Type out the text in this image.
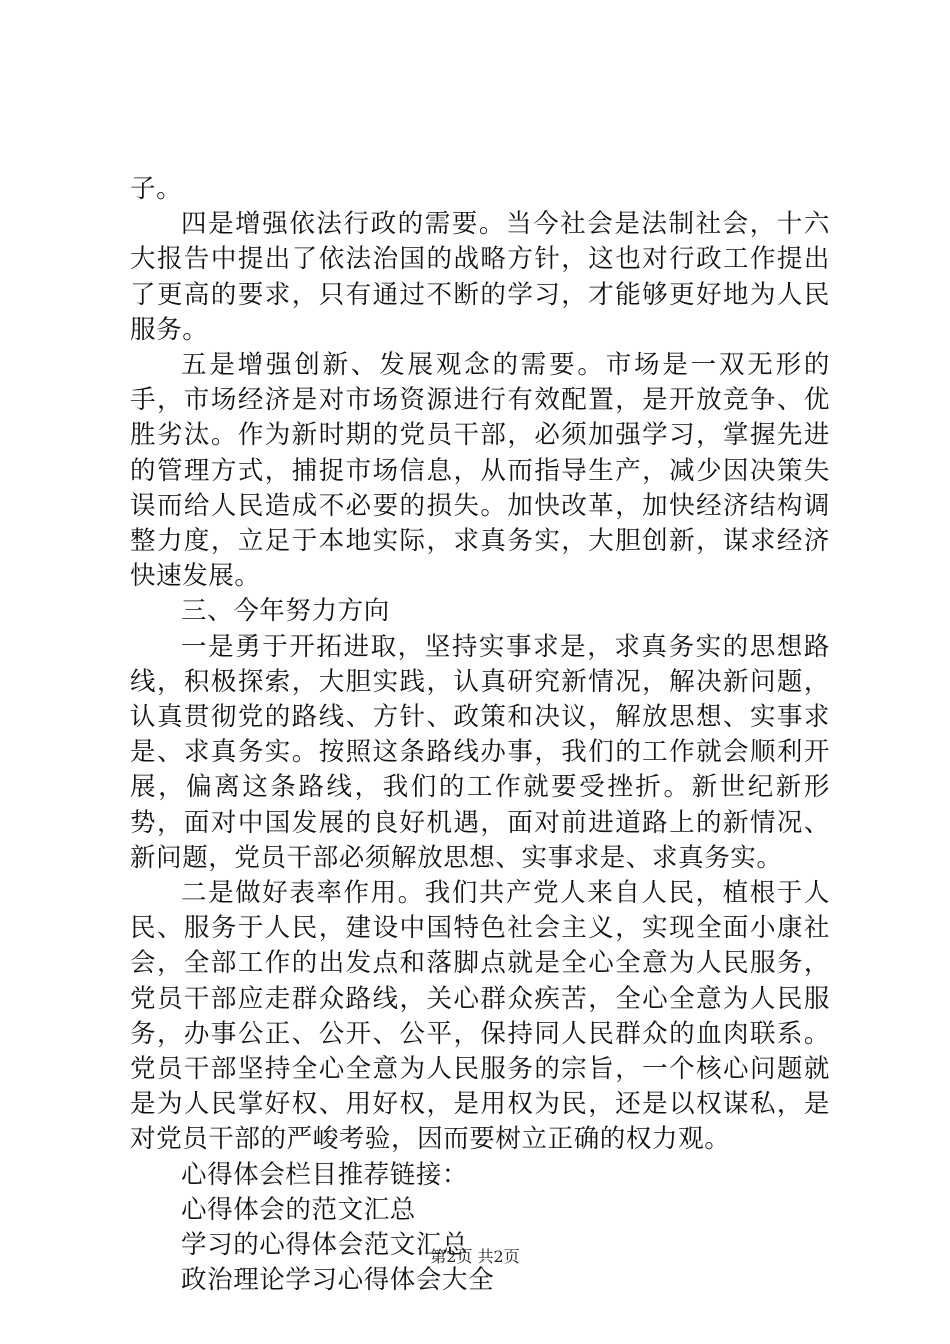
子。

四是增强依法行政的需要。当今社会是法制社会，十六大报告中提出了依法治国的战略方针，这也对行政工作提出了更高的要求，只有通过不断的学习，才能够更好地为人民服务。

五是增强创新、发展观念的需要。市场是一双无形的手，市场经济是对市场资源进行有效配置，是开放竞争、优胜劣汰。作为新时期的党员干部，必须加强学习，掌握先进的管理方式，捕捉市场信息，从而指导生产，减少因决策失误而给人民造成不必要的损失。加快改革，加快经济结构调整力度，立足于本地实际，求真务实，大胆创新，谋求经济快速发展。

三、今年努力方向

一是勇于开拓进取，坚持实事求是，求真务实的思想路线，积极探索，大胆实践，认真研究新情况，解决新问题，认真贯彻党的路线、方针、政策和决议，解放思想、实事求是、求真务实。按照这条路线办事，我们的工作就会顺利开展，偏离这条路线，我们的工作就要受挫折。新世纪新形势，面对中国发展的良好机遇，面对前进道路上的新情况、新问题，党员干部必须解放思想、实事求是、求真务实。

二是做好表率作用。我们共产党人来自人民，植根于人民、服务于人民，建设中国特色社会主义，实现全面小康社会，全部工作的出发点和落脚点就是全心全意为人民服务，党员干部应走群众路线，关心群众疾苦，全心全意为人民服务，办事公正、公开、公平，保持同人民群众的血肉联系。党员干部坚持全心全意为人民服务的宗旨，一个核心问题就是为人民掌好权、用好权，是用权为民，还是以权谋私，是对党员干部的严峻考验，因而要树立正确的权力观。

心得体会栏目推荐链接：

心得体会的范文汇总

学习的心得体会范文汇总

政治理论学习心得体会大全

第2页 共2页
